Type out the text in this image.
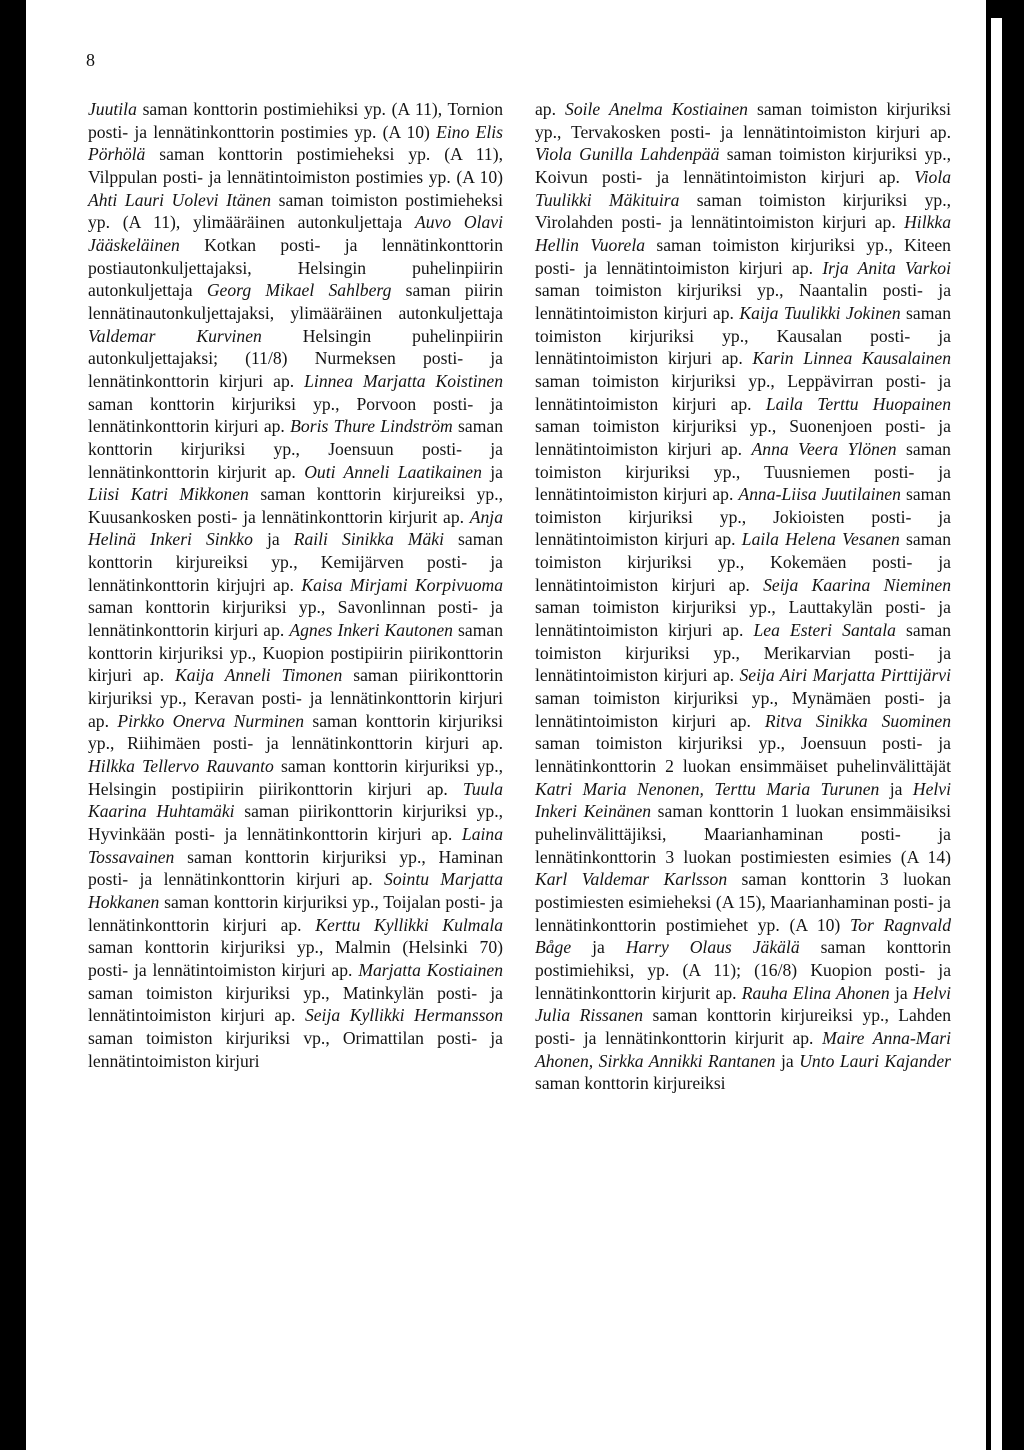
8
Juutila saman konttorin postimiehiksi yp. (A 11), Tornion posti- ja lennätinkonttorin postimies yp. (A 10) Eino Elis Pörhölä saman konttorin postimieheksi yp. (A 11), Vilppulan posti- ja lennätintoimiston postimies yp. (A 10) Ahti Lauri Uolevi Itänen saman toimiston postimieheksi yp. (A 11), ylimääräinen autonkuljettaja Auvo Olavi Jääskeläinen Kotkan posti- ja lennätinkonttorin postiautonkuljettajaksi, Helsingin puhelinpiirin autonkuljettaja Georg Mikael Sahlberg saman piirin lennätinautonkuljettajaksi, ylimääräinen autonkuljettaja Valdemar Kurvinen Helsingin puhelinpiirin autonkuljettajaksi; (11/8) Nurmeksen posti- ja lennätinkonttorin kirjuri ap. Linnea Marjatta Koistinen saman konttorin kirjuriksi yp., Porvoon posti- ja lennätinkonttorin kirjuri ap. Boris Thure Lindström saman konttorin kirjuriksi yp., Joensuun posti- ja lennätinkonttorin kirjurit ap. Outi Anneli Laatikainen ja Liisi Katri Mikkonen saman konttorin kirjureiksi yp., Kuusankosken posti- ja lennätinkonttorin kirjurit ap. Anja Helinä Inkeri Sinkko ja Raili Sinikka Mäki saman konttorin kirjureiksi yp., Kemijärven posti- ja lennätinkonttorin kirjujri ap. Kaisa Mirjami Korpivuoma saman konttorin kirjuriksi yp., Savonlinnan posti- ja lennätinkonttorin kirjuri ap. Agnes Inkeri Kautonen saman konttorin kirjuriksi yp., Kuopion postipiirin piirikonttorin kirjuri ap. Kaija Anneli Timonen saman piirikonttorin kirjuriksi yp., Keravan posti- ja lennätinkonttorin kirjuri ap. Pirkko Onerva Nurminen saman konttorin kirjuriksi yp., Riihimäen posti- ja lennätinkonttorin kirjuri ap. Hilkka Tellervo Rauvanto saman konttorin kirjuriksi yp., Helsingin postipiirin piirikonttorin kirjuri ap. Tuula Kaarina Huhtamäki saman piirikonttorin kirjuriksi yp., Hyvinkään posti- ja lennätinkonttorin kirjuri ap. Laina Tossavainen saman konttorin kirjuriksi yp., Haminan posti- ja lennätinkonttorin kirjuri ap. Sointu Marjatta Hokkanen saman konttorin kirjuriksi yp., Toijalan posti- ja lennätinkonttorin kirjuri ap. Kerttu Kyllikki Kulmala saman konttorin kirjuriksi yp., Malmin (Helsinki 70) posti- ja lennätintoimiston kirjuri ap. Marjatta Kostiainen saman toimiston kirjuriksi yp., Matinkylän posti- ja lennätintoimiston kirjuri ap. Seija Kyllikki Hermansson saman toimiston kirjuriksi vp., Orimattilan posti- ja lennätintoimiston kirjuri
ap. Soile Anelma Kostiainen saman toimiston kirjuriksi yp., Tervakosken posti- ja lennätintoimiston kirjuri ap. Viola Gunilla Lahdenpää saman toimiston kirjuriksi yp., Koivun posti- ja lennätintoimiston kirjuri ap. Viola Tuulikki Mäkituira saman toimiston kirjuriksi yp., Virolahden posti- ja lennätintoimiston kirjuri ap. Hilkka Hellin Vuorela saman toimiston kirjuriksi yp., Kiteen posti- ja lennätintoimiston kirjuri ap. Irja Anita Varkoi saman toimiston kirjuriksi yp., Naantalin posti- ja lennätintoimiston kirjuri ap. Kaija Tuulikki Jokinen saman toimiston kirjuriksi yp., Kausalan posti- ja lennätintoimiston kirjuri ap. Karin Linnea Kausalainen saman toimiston kirjuriksi yp., Leppävirran posti- ja lennätintoimiston kirjuri ap. Laila Terttu Huopainen saman toimiston kirjuriksi yp., Suonenjoen posti- ja lennätintoimiston kirjuri ap. Anna Veera Ylönen saman toimiston kirjuriksi yp., Tuusniemen posti- ja lennätintoimiston kirjuri ap. Anna-Liisa Juutilainen saman toimiston kirjuriksi yp., Jokioisten posti- ja lennätintoimiston kirjuri ap. Laila Helena Vesanen saman toimiston kirjuriksi yp., Kokemäen posti- ja lennätintoimiston kirjuri ap. Seija Kaarina Nieminen saman toimiston kirjuriksi yp., Lauttakylän posti- ja lennätintoimiston kirjuri ap. Lea Esteri Santala saman toimiston kirjuriksi yp., Merikarvian posti- ja lennätintoimiston kirjuri ap. Seija Airi Marjatta Pirttijärvi saman toimiston kirjuriksi yp., Mynämäen posti- ja lennätintoimiston kirjuri ap. Ritva Sinikka Suominen saman toimiston kirjuriksi yp., Joensuun posti- ja lennätinkonttorin 2 luokan ensimmäiset puhelinvälittäjät Katri Maria Nenonen, Terttu Maria Turunen ja Helvi Inkeri Keinänen saman konttorin 1 luokan ensimmäisiksi puhelinvälittäjiksi, Maarianhaminan posti- ja lennätinkonttorin 3 luokan postimiesten esimies (A 14) Karl Valdemar Karlsson saman konttorin 3 luokan postimiesten esimieheksi (A 15), Maarianhaminan posti- ja lennätinkonttorin postimiehet yp. (A 10) Tor Ragnvald Båge ja Harry Olaus Jäkälä saman konttorin postimiehiksi, yp. (A 11); (16/8) Kuopion posti- ja lennätinkonttorin kirjurit ap. Rauha Elina Ahonen ja Helvi Julia Rissanen saman konttorin kirjureiksi yp., Lahden posti- ja lennätinkonttorin kirjurit ap. Maire Anna-Mari Ahonen, Sirkka Annikki Rantanen ja Unto Lauri Kajander saman konttorin kirjureiksi
